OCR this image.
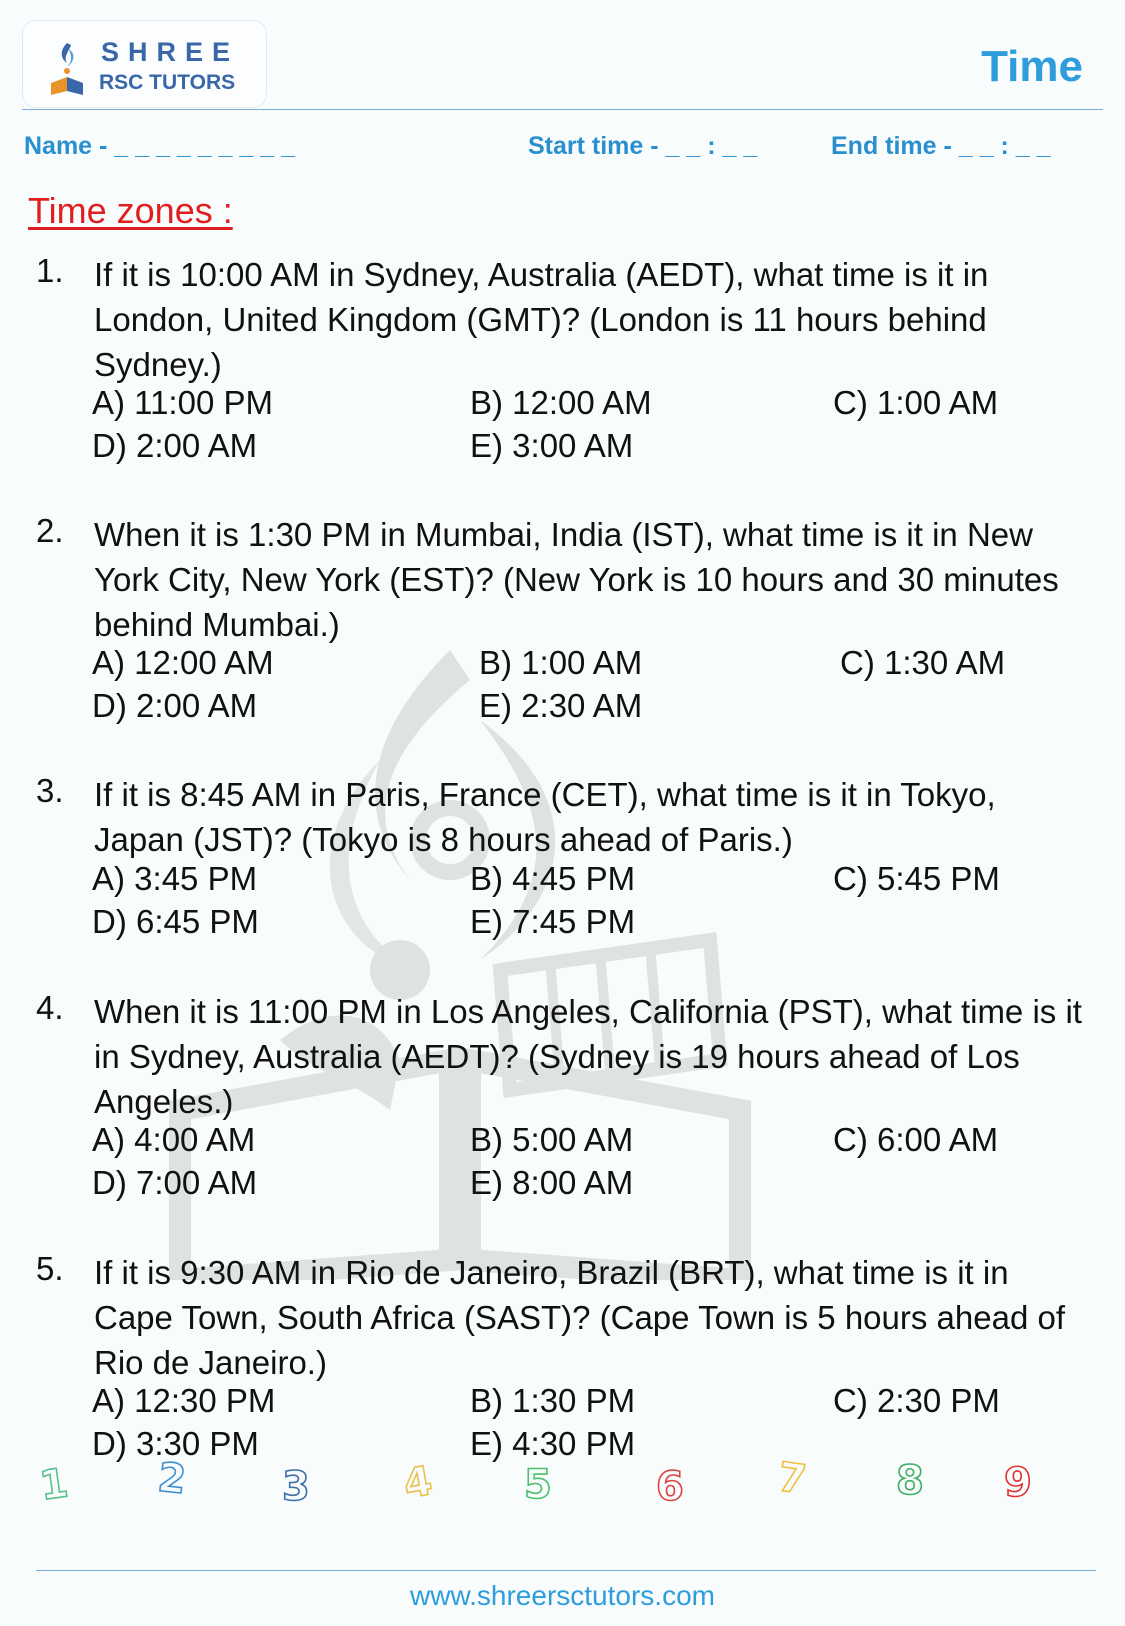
SHREE
RSC TUTORS	Time
Name - _ _ _ _ _ _ _ _ _	Start time - _ _ : _ _	End time - _ _ : _ _
Time zones :
1. If it is 10:00 AM in Sydney, Australia (AEDT), what time is it in London, United Kingdom (GMT)? (London is 11 hours behind Sydney.)
A) 11:00 PM	B) 12:00 AM	C) 1:00 AM
D) 2:00 AM	E) 3:00 AM
2. When it is 1:30 PM in Mumbai, India (IST), what time is it in New York City, New York (EST)? (New York is 10 hours and 30 minutes behind Mumbai.)
A) 12:00 AM	B) 1:00 AM	C) 1:30 AM
D) 2:00 AM	E) 2:30 AM
3. If it is 8:45 AM in Paris, France (CET), what time is it in Tokyo, Japan (JST)? (Tokyo is 8 hours ahead of Paris.)
A) 3:45 PM	B) 4:45 PM	C) 5:45 PM
D) 6:45 PM	E) 7:45 PM
4. When it is 11:00 PM in Los Angeles, California (PST), what time is it in Sydney, Australia (AEDT)? (Sydney is 19 hours ahead of Los Angeles.)
A) 4:00 AM	B) 5:00 AM	C) 6:00 AM
D) 7:00 AM	E) 8:00 AM
5. If it is 9:30 AM in Rio de Janeiro, Brazil (BRT), what time is it in Cape Town, South Africa (SAST)? (Cape Town is 5 hours ahead of Rio de Janeiro.)
A) 12:30 PM	B) 1:30 PM	C) 2:30 PM
D) 3:30 PM	E) 4:30 PM
1 2 3 4 5	6 7 8 9
www.shreersctutors.com
